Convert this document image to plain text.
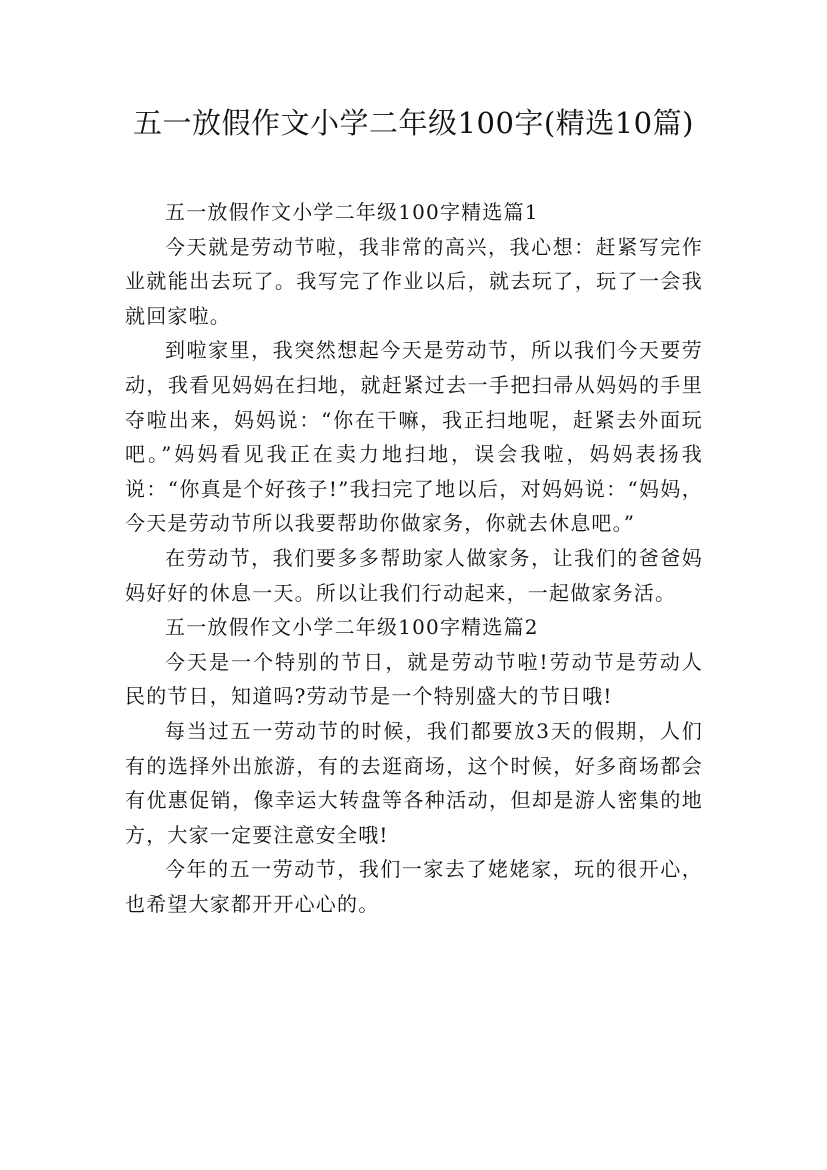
五一放假作文小学二年级100字(精选10篇)

五一放假作文小学二年级100字精选篇1

今天就是劳动节啦，我非常的高兴，我心想：赶紧写完作业就能出去玩了。我写完了作业以后，就去玩了，玩了一会我就回家啦。

到啦家里，我突然想起今天是劳动节，所以我们今天要劳动，我看见妈妈在扫地，就赶紧过去一手把扫帚从妈妈的手里夺啦出来，妈妈说：“你在干嘛，我正扫地呢，赶紧去外面玩吧。”妈妈看见我正在卖力地扫地，误会我啦，妈妈表扬我说：“你真是个好孩子!”我扫完了地以后，对妈妈说：“妈妈，今天是劳动节所以我要帮助你做家务，你就去休息吧。”

在劳动节，我们要多多帮助家人做家务，让我们的爸爸妈妈好好的休息一天。所以让我们行动起来，一起做家务活。

五一放假作文小学二年级100字精选篇2

今天是一个特别的节日，就是劳动节啦!劳动节是劳动人民的节日，知道吗?劳动节是一个特别盛大的节日哦!

每当过五一劳动节的时候，我们都要放3天的假期，人们有的选择外出旅游，有的去逛商场，这个时候，好多商场都会有优惠促销，像幸运大转盘等各种活动，但却是游人密集的地方，大家一定要注意安全哦!

今年的五一劳动节，我们一家去了姥姥家，玩的很开心，也希望大家都开开心心的。
